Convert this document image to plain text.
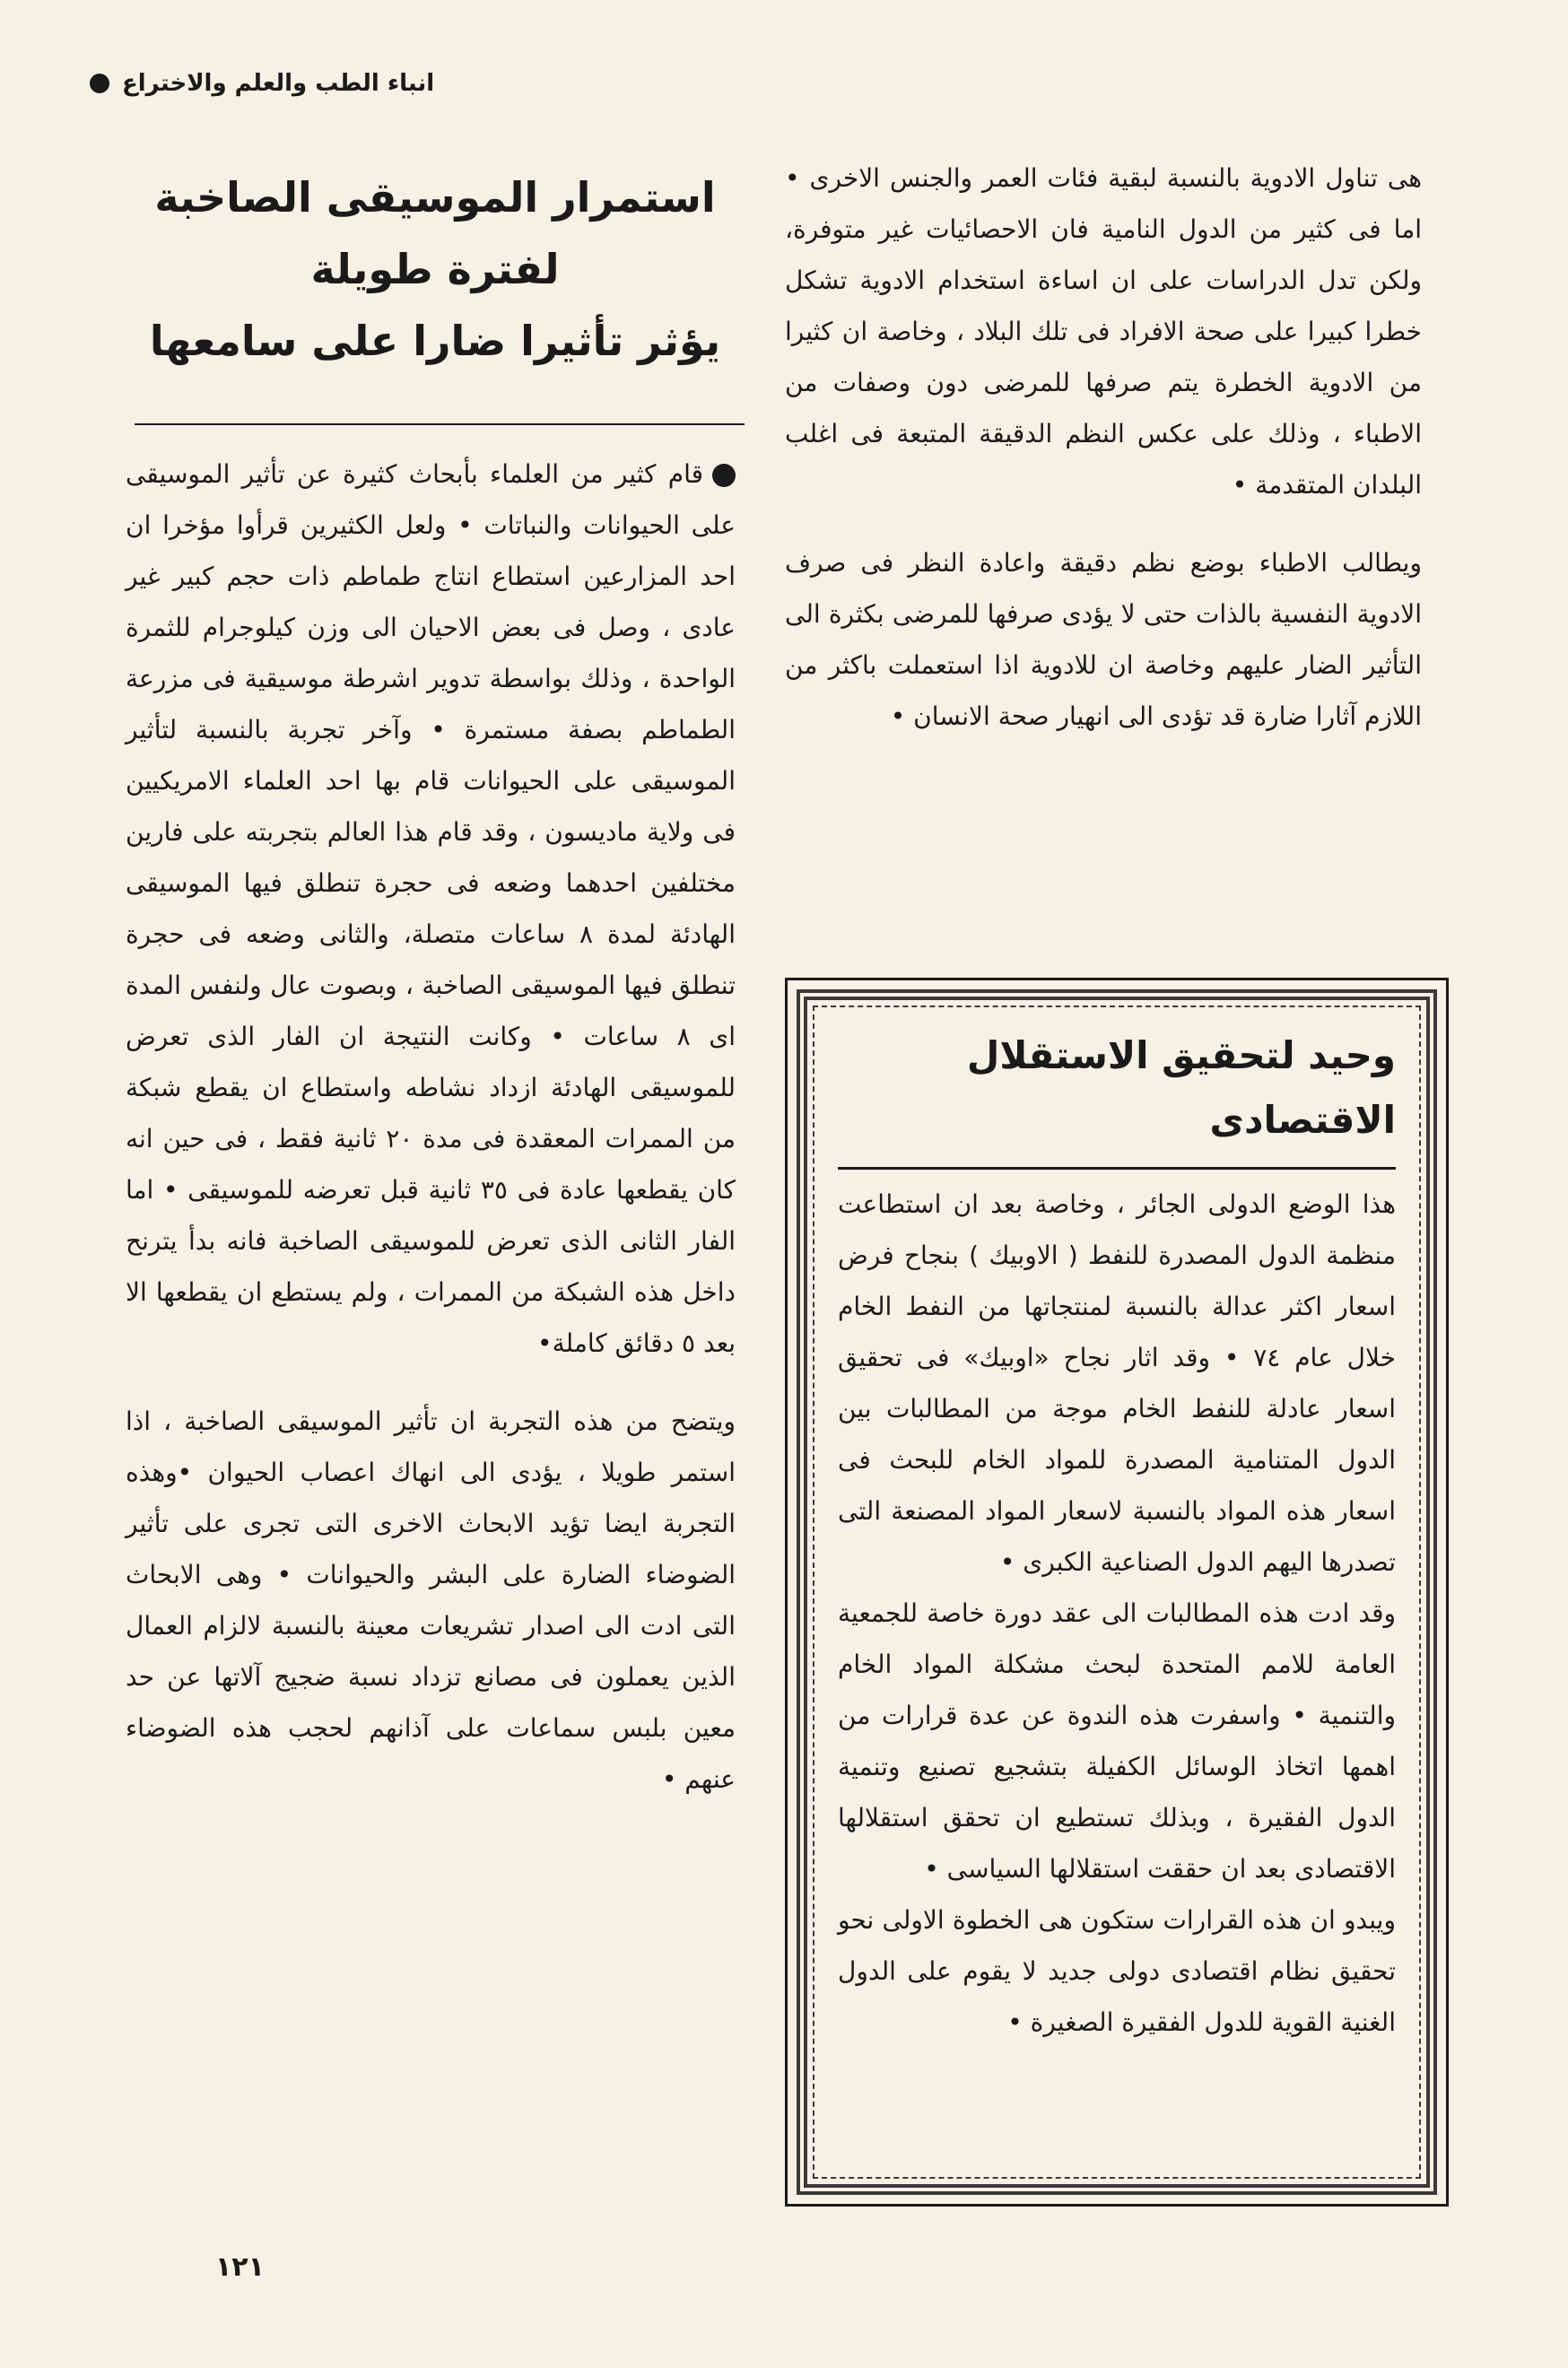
انباء الطب والعلم والاختراع

هى تناول الادوية بالنسبة لبقية فئات العمر والجنس الاخرى • اما فى كثير من الدول النامية فان الاحصائيات غير متوفرة، ولكن تدل الدراسات على ان اساءة استخدام الادوية تشكل خطرا كبيرا على صحة الافراد فى تلك البلاد ، وخاصة ان كثيرا من الادوية الخطرة يتم صرفها للمرضى دون وصفات من الاطباء ، وذلك على عكس النظم الدقيقة المتبعة فى اغلب البلدان المتقدمة •

ويطالب الاطباء بوضع نظم دقيقة واعادة النظر فى صرف الادوية النفسية بالذات حتى لا يؤدى صرفها للمرضى بكثرة الى التأثير الضار عليهم وخاصة ان للادوية اذا استعملت باكثر من اللازم آثارا ضارة قد تؤدى الى انهيار صحة الانسان •

استمرار الموسيقى الصاخبة
لفترة طويلة
يؤثر تأثيرا ضارا على سامعها

قام كثير من العلماء بأبحاث كثيرة عن تأثير الموسيقى على الحيوانات والنباتات • ولعل الكثيرين قرأوا مؤخرا ان احد المزارعين استطاع انتاج طماطم ذات حجم كبير غير عادى ، وصل فى بعض الاحيان الى وزن كيلوجرام للثمرة الواحدة ، وذلك بواسطة تدوير اشرطة موسيقية فى مزرعة الطماطم بصفة مستمرة • وآخر تجربة بالنسبة لتأثير الموسيقى على الحيوانات قام بها احد العلماء الامريكيين فى ولاية ماديسون ، وقد قام هذا العالم بتجربته على فارين مختلفين احدهما وضعه فى حجرة تنطلق فيها الموسيقى الهادئة لمدة ٨ ساعات متصلة، والثانى وضعه فى حجرة تنطلق فيها الموسيقى الصاخبة ، وبصوت عال ولنفس المدة اى ٨ ساعات • وكانت النتيجة ان الفار الذى تعرض للموسيقى الهادئة ازداد نشاطه واستطاع ان يقطع شبكة من الممرات المعقدة فى مدة ٢٠ ثانية فقط ، فى حين انه كان يقطعها عادة فى ٣٥ ثانية قبل تعرضه للموسيقى • اما الفار الثانى الذى تعرض للموسيقى الصاخبة فانه بدأ يترنح داخل هذه الشبكة من الممرات ، ولم يستطع ان يقطعها الا بعد ٥ دقائق كاملة•

ويتضح من هذه التجربة ان تأثير الموسيقى الصاخبة ، اذا استمر طويلا ، يؤدى الى انهاك اعصاب الحيوان •وهذه التجربة ايضا تؤيد الابحاث الاخرى التى تجرى على تأثير الضوضاء الضارة على البشر والحيوانات • وهى الابحاث التى ادت الى اصدار تشريعات معينة بالنسبة لالزام العمال الذين يعملون فى مصانع تزداد نسبة ضجيج آلاتها عن حد معين بلبس سماعات على آذانهم لحجب هذه الضوضاء عنهم •

وحيد لتحقيق الاستقلال الاقتصادى

هذا الوضع الدولى الجائر ، وخاصة بعد ان استطاعت منظمة الدول المصدرة للنفط ( الاوبيك ) بنجاح فرض اسعار اكثر عدالة بالنسبة لمنتجاتها من النفط الخام خلال عام ٧٤ • وقد اثار نجاح «اوبيك» فى تحقيق اسعار عادلة للنفط الخام موجة من المطالبات بين الدول المتنامية المصدرة للمواد الخام للبحث فى اسعار هذه المواد بالنسبة لاسعار المواد المصنعة التى تصدرها اليهم الدول الصناعية الكبرى •

وقد ادت هذه المطالبات الى عقد دورة خاصة للجمعية العامة للامم المتحدة لبحث مشكلة المواد الخام والتنمية • واسفرت هذه الندوة عن عدة قرارات من اهمها اتخاذ الوسائل الكفيلة بتشجيع تصنيع وتنمية الدول الفقيرة ، وبذلك تستطيع ان تحقق استقلالها الاقتصادى بعد ان حققت استقلالها السياسى •

ويبدو ان هذه القرارات ستكون هى الخطوة الاولى نحو تحقيق نظام اقتصادى دولى جديد لا يقوم على الدول الغنية القوية للدول الفقيرة الصغيرة •

١٢١
